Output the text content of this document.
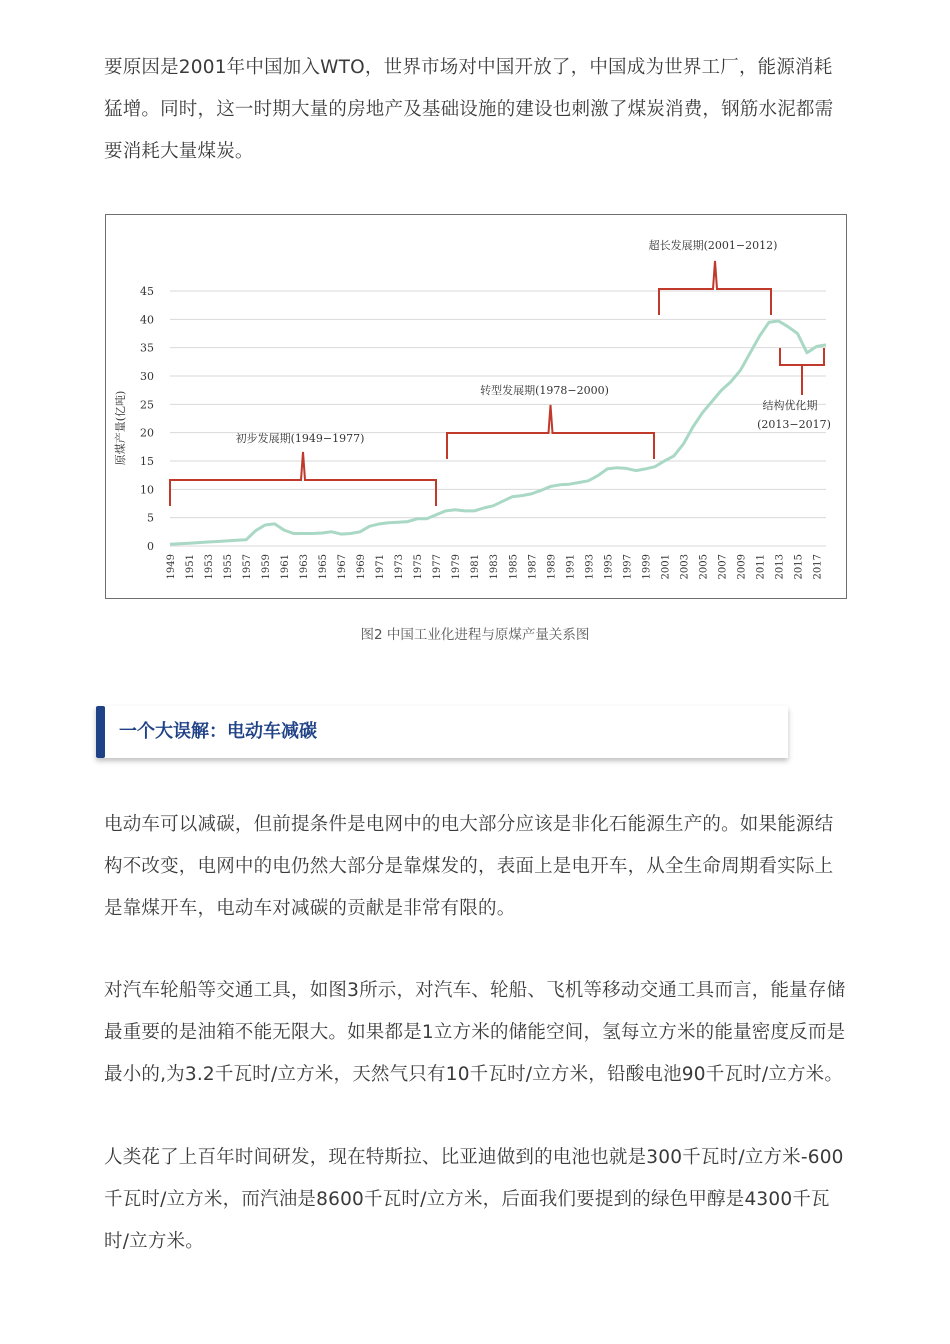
要原因是2001年中国加入WTO，世界市场对中国开放了，中国成为世界工厂，能源消耗猛增。同时，这一时期大量的房地产及基础设施的建设也刺激了煤炭消费，钢筋水泥都需要消耗大量煤炭。

0
5
10
15
20
25
30
35
40
45
1949 1951 1953 1955 1957 1959 1961 1963 1965 1967 1969 1971 1973 1975 1977 1979 1981 1983 1985 1987 1989 1991 1993 1995 1997 1999 2001 2003 2005 2007 2009 2011 2013 2015 2017
初步发展期(1949−1977)
转型发展期(1978−2000)
超长发展期(2001−2012)
结构优化期
(2013−2017)
原煤产量(亿吨)
图2 中国工业化进程与原煤产量关系图
一个大误解：电动车减碳

电动车可以减碳，但前提条件是电网中的电大部分应该是非化石能源生产的。如果能源结构不改变，电网中的电仍然大部分是靠煤发的，表面上是电开车，从全生命周期看实际上是靠煤开车，电动车对减碳的贡献是非常有限的。

对汽车轮船等交通工具，如图3所示，对汽车、轮船、飞机等移动交通工具而言，能量存储最重要的是油箱不能无限大。如果都是1立方米的储能空间，氢每立方米的能量密度反而是最小的,为3.2千瓦时/立方米，天然气只有10千瓦时/立方米，铅酸电池90千瓦时/立方米。

人类花了上百年时间研发，现在特斯拉、比亚迪做到的电池也就是300千瓦时/立方米-600千瓦时/立方米，而汽油是8600千瓦时/立方米，后面我们要提到的绿色甲醇是4300千瓦时/立方米。
